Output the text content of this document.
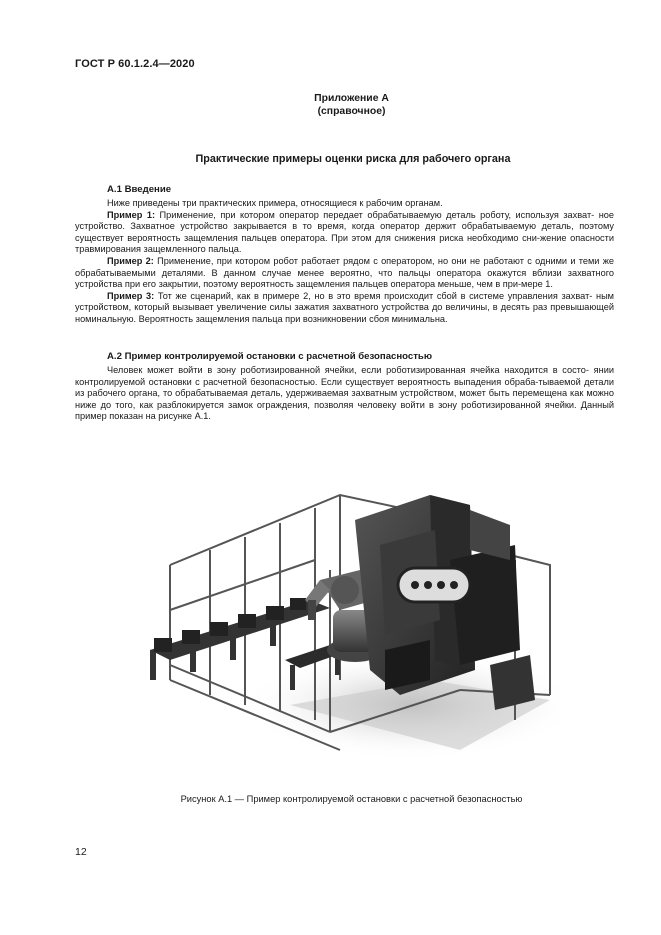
ГОСТ Р 60.1.2.4—2020
Приложение А
(справочное)
Практические примеры оценки риска для рабочего органа
А.1 Введение

Ниже приведены три практических примера, относящиеся к рабочим органам.

Пример 1: Применение, при котором оператор передает обрабатываемую деталь роботу, используя захват- ное устройство. Захватное устройство закрывается в то время, когда оператор держит обрабатываемую деталь, поэтому существует вероятность защемления пальцев оператора. При этом для снижения риска необходимо сни-жение опасности травмирования защемленного пальца.

Пример 2: Применение, при котором робот работает рядом с оператором, но они не работают с одними и теми же обрабатываемыми деталями. В данном случае менее вероятно, что пальцы оператора окажутся вблизи захватного устройства при его закрытии, поэтому вероятность защемления пальцев оператора меньше, чем в при-мере 1.

Пример 3: Тот же сценарий, как в примере 2, но в это время происходит сбой в системе управления захват- ным устройством, который вызывает увеличение силы зажатия захватного устройства до величины, в десять раз превышающей номинальную. Вероятность защемления пальца при возникновении сбоя минимальна.

А.2 Пример контролируемой остановки с расчетной безопасностью

Человек может войти в зону роботизированной ячейки, если роботизированная ячейка находится в состо- янии контролируемой остановки с расчетной безопасностью. Если существует вероятность выпадения обраба-тываемой детали из рабочего органа, то обрабатываемая деталь, удерживаемая захватным устройством, может быть перемещена как можно ниже до того, как разблокируется замок ограждения, позволяя человеку войти в зону роботизированной ячейки. Данный пример показан на рисунке А.1.

Рисунок А.1 — Пример контролируемой остановки с расчетной безопасностью
12
